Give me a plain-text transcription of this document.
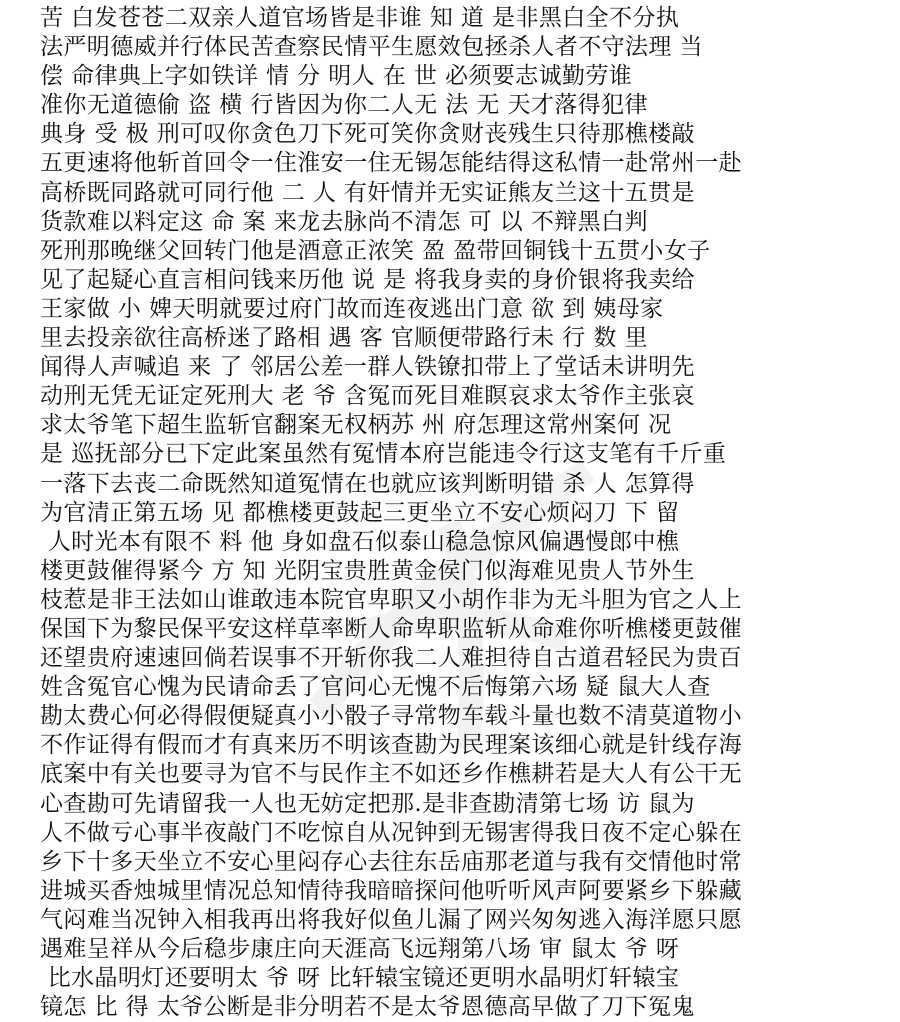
苦 白发苍苍二双亲人道官场皆是非谁 知 道 是非黑白全不分执
法严明德威并行体民苦查察民情平生愿效包拯杀人者不守法理 当
偿 命律典上字如铁详 情 分 明人 在 世 必须要志诚勤劳谁
准你无道德偷 盗 横 行皆因为你二人无 法 无 天才落得犯律
典身 受 极 刑可叹你贪色刀下死可笑你贪财丧残生只待那樵楼敲
五更速将他斩首回令一住淮安一住无锡怎能结得这私情一赴常州一赴
高桥既同路就可同行他 二 人 有奸情并无实证熊友兰这十五贯是
货款难以料定这 命 案 来龙去脉尚不清怎 可 以 不辩黑白判
死刑那晚继父回转门他是酒意正浓笑 盈 盈带回铜钱十五贯小女子
见了起疑心直言相问钱来历他 说 是 将我身卖的身价银将我卖给
王家做 小 婢天明就要过府门故而连夜逃出门意 欲 到 姨母家
里去投亲欲往高桥迷了路相 遇 客 官顺便带路行未 行 数 里
闻得人声喊追 来 了 邻居公差一群人铁镣扣带上了堂话未讲明先
动刑无凭无证定死刑大 老 爷 含冤而死目难瞑哀求太爷作主张哀
求太爷笔下超生监斩官翻案无权柄苏 州 府怎理这常州案何 况
是 巡抚部分已下定此案虽然有冤情本府岂能违令行这支笔有千斤重
一落下去丧二命既然知道冤情在也就应该判断明错 杀 人 怎算得
为官清正第五场 见 都樵楼更鼓起三更坐立不安心烦闷刀 下 留
人时光本有限不 料 他 身如盘石似泰山稳急惊风偏遇慢郎中樵
楼更鼓催得紧今 方 知 光阴宝贵胜黄金侯门似海难见贵人节外生
枝惹是非王法如山谁敢违本院官卑职又小胡作非为无斗胆为官之人上
保国下为黎民保平安这样草率断人命卑职监斩从命难你听樵楼更鼓催
还望贵府速速回倘若误事不开斩你我二人难担待自古道君轻民为贵百
姓含冤官心愧为民请命丢了官问心无愧不后悔第六场 疑 鼠大人查
勘太费心何必得假便疑真小小骰子寻常物车载斗量也数不清莫道物小
不作证得有假而才有真来历不明该查勘为民理案该细心就是针线存海
底案中有关也要寻为官不与民作主不如还乡作樵耕若是大人有公干无
心查勘可先请留我一人也无妨定把那.是非查勘清第七场 访 鼠为
人不做亏心事半夜敲门不吃惊自从况钟到无锡害得我日夜不定心躲在
乡下十多天坐立不安心里闷存心去往东岳庙那老道与我有交情他时常
进城买香烛城里情况总知情待我暗暗探问他听听风声阿要紧乡下躲藏
气闷难当况钟入相我再出将我好似鱼儿漏了网兴匆匆逃入海洋愿只愿
遇难呈祥从今后稳步康庄向天涯高飞远翔第八场 审 鼠太 爷 呀
比水晶明灯还要明太 爷 呀 比轩辕宝镜还更明水晶明灯轩辕宝
镜怎 比 得 太爷公断是非分明若不是太爷恩德高早做了刀下冤鬼
